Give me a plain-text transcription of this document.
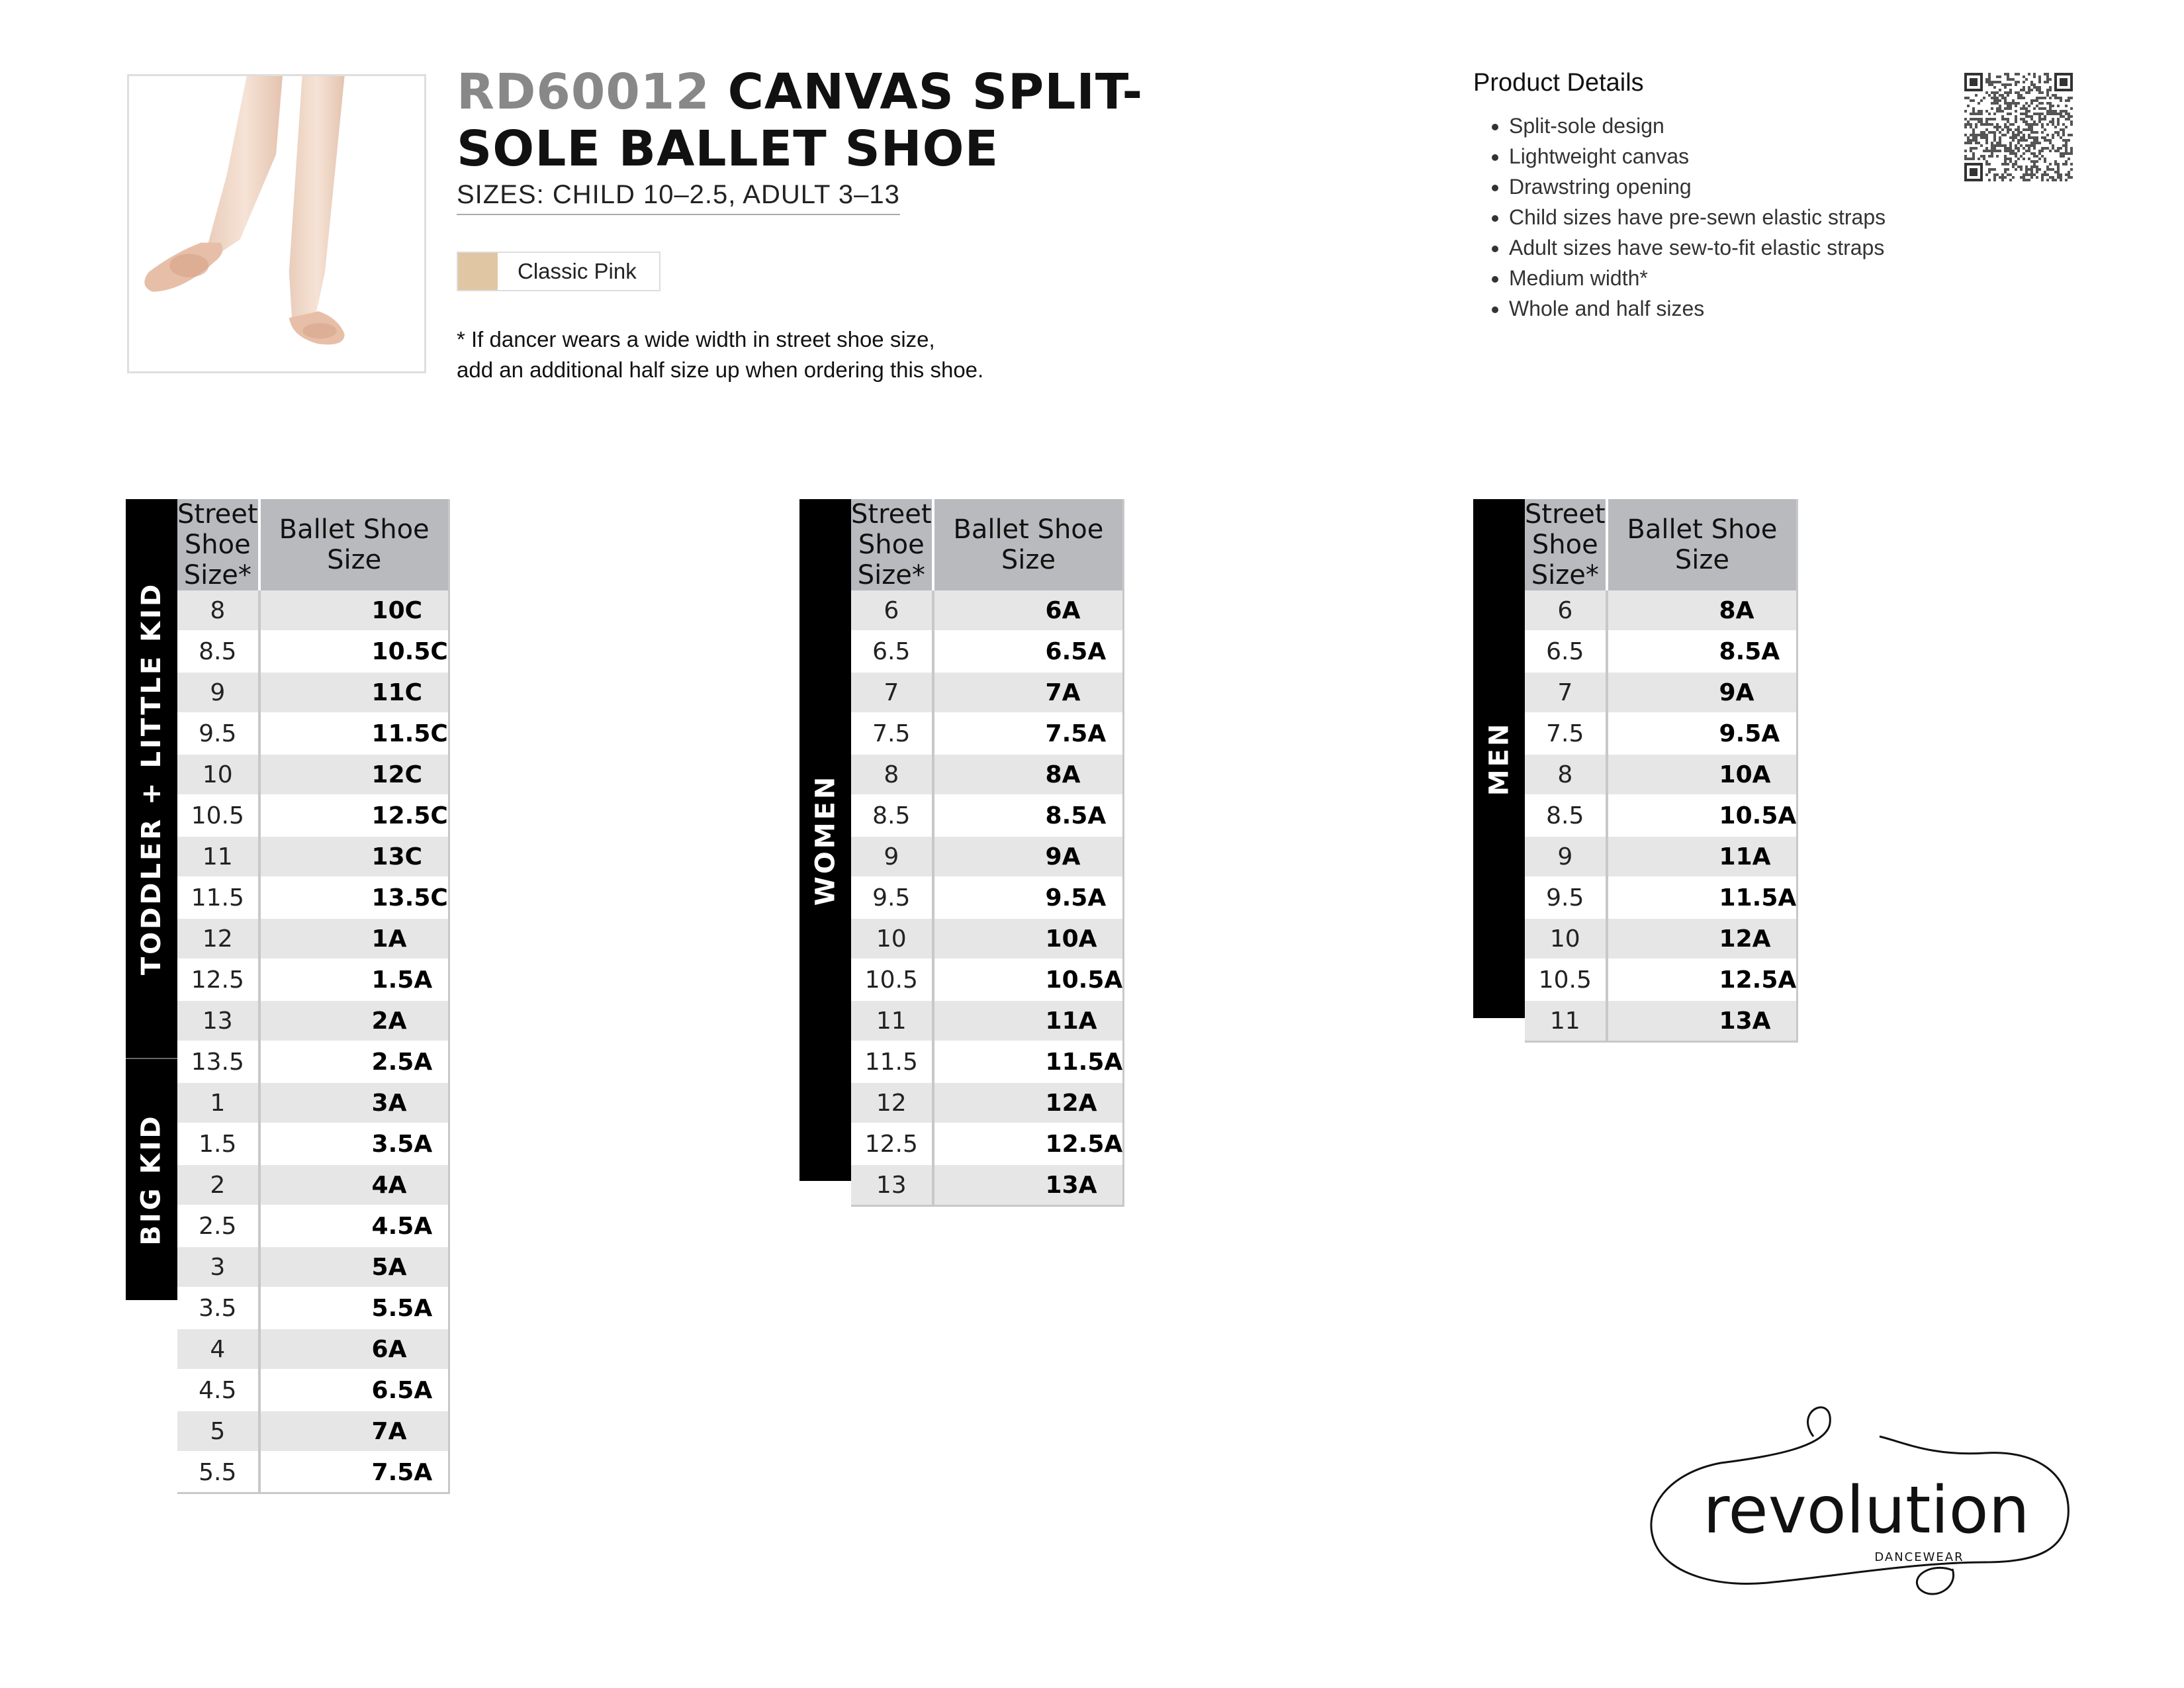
RD60012 CANVAS SPLIT-SOLE BALLET SHOE
SIZES: CHILD 10–2.5, ADULT 3–13
Classic Pink
* If dancer wears a wide width in street shoe size,
add an additional half size up when ordering this shoe.
Product Details
• Split-sole design
• Lightweight canvas
• Drawstring opening
• Child sizes have pre-sewn elastic straps
• Adult sizes have sew-to-fit elastic straps
• Medium width*
• Whole and half sizes
TODDLER + LITTLE KID
BIG KID
Street Shoe Size*	Ballet Shoe Size
8	10C
8.5	10.5C
9	11C
9.5	11.5C
10	12C
10.5	12.5C
11	13C
11.5	13.5C
12	1A
12.5	1.5A
13	2A
13.5	2.5A
1	3A
1.5	3.5A
2	4A
2.5	4.5A
3	5A
3.5	5.5A
4	6A
4.5	6.5A
5	7A
5.5	7.5A
WOMEN
Street Shoe Size*	Ballet Shoe Size
6	6A
6.5	6.5A
7	7A
7.5	7.5A
8	8A
8.5	8.5A
9	9A
9.5	9.5A
10	10A
10.5	10.5A
11	11A
11.5	11.5A
12	12A
12.5	12.5A
13	13A
MEN
Street Shoe Size*	Ballet Shoe Size
6	8A
6.5	8.5A
7	9A
7.5	9.5A
8	10A
8.5	10.5A
9	11A
9.5	11.5A
10	12A
10.5	12.5A
11	13A
revolution
DANCEWEAR
